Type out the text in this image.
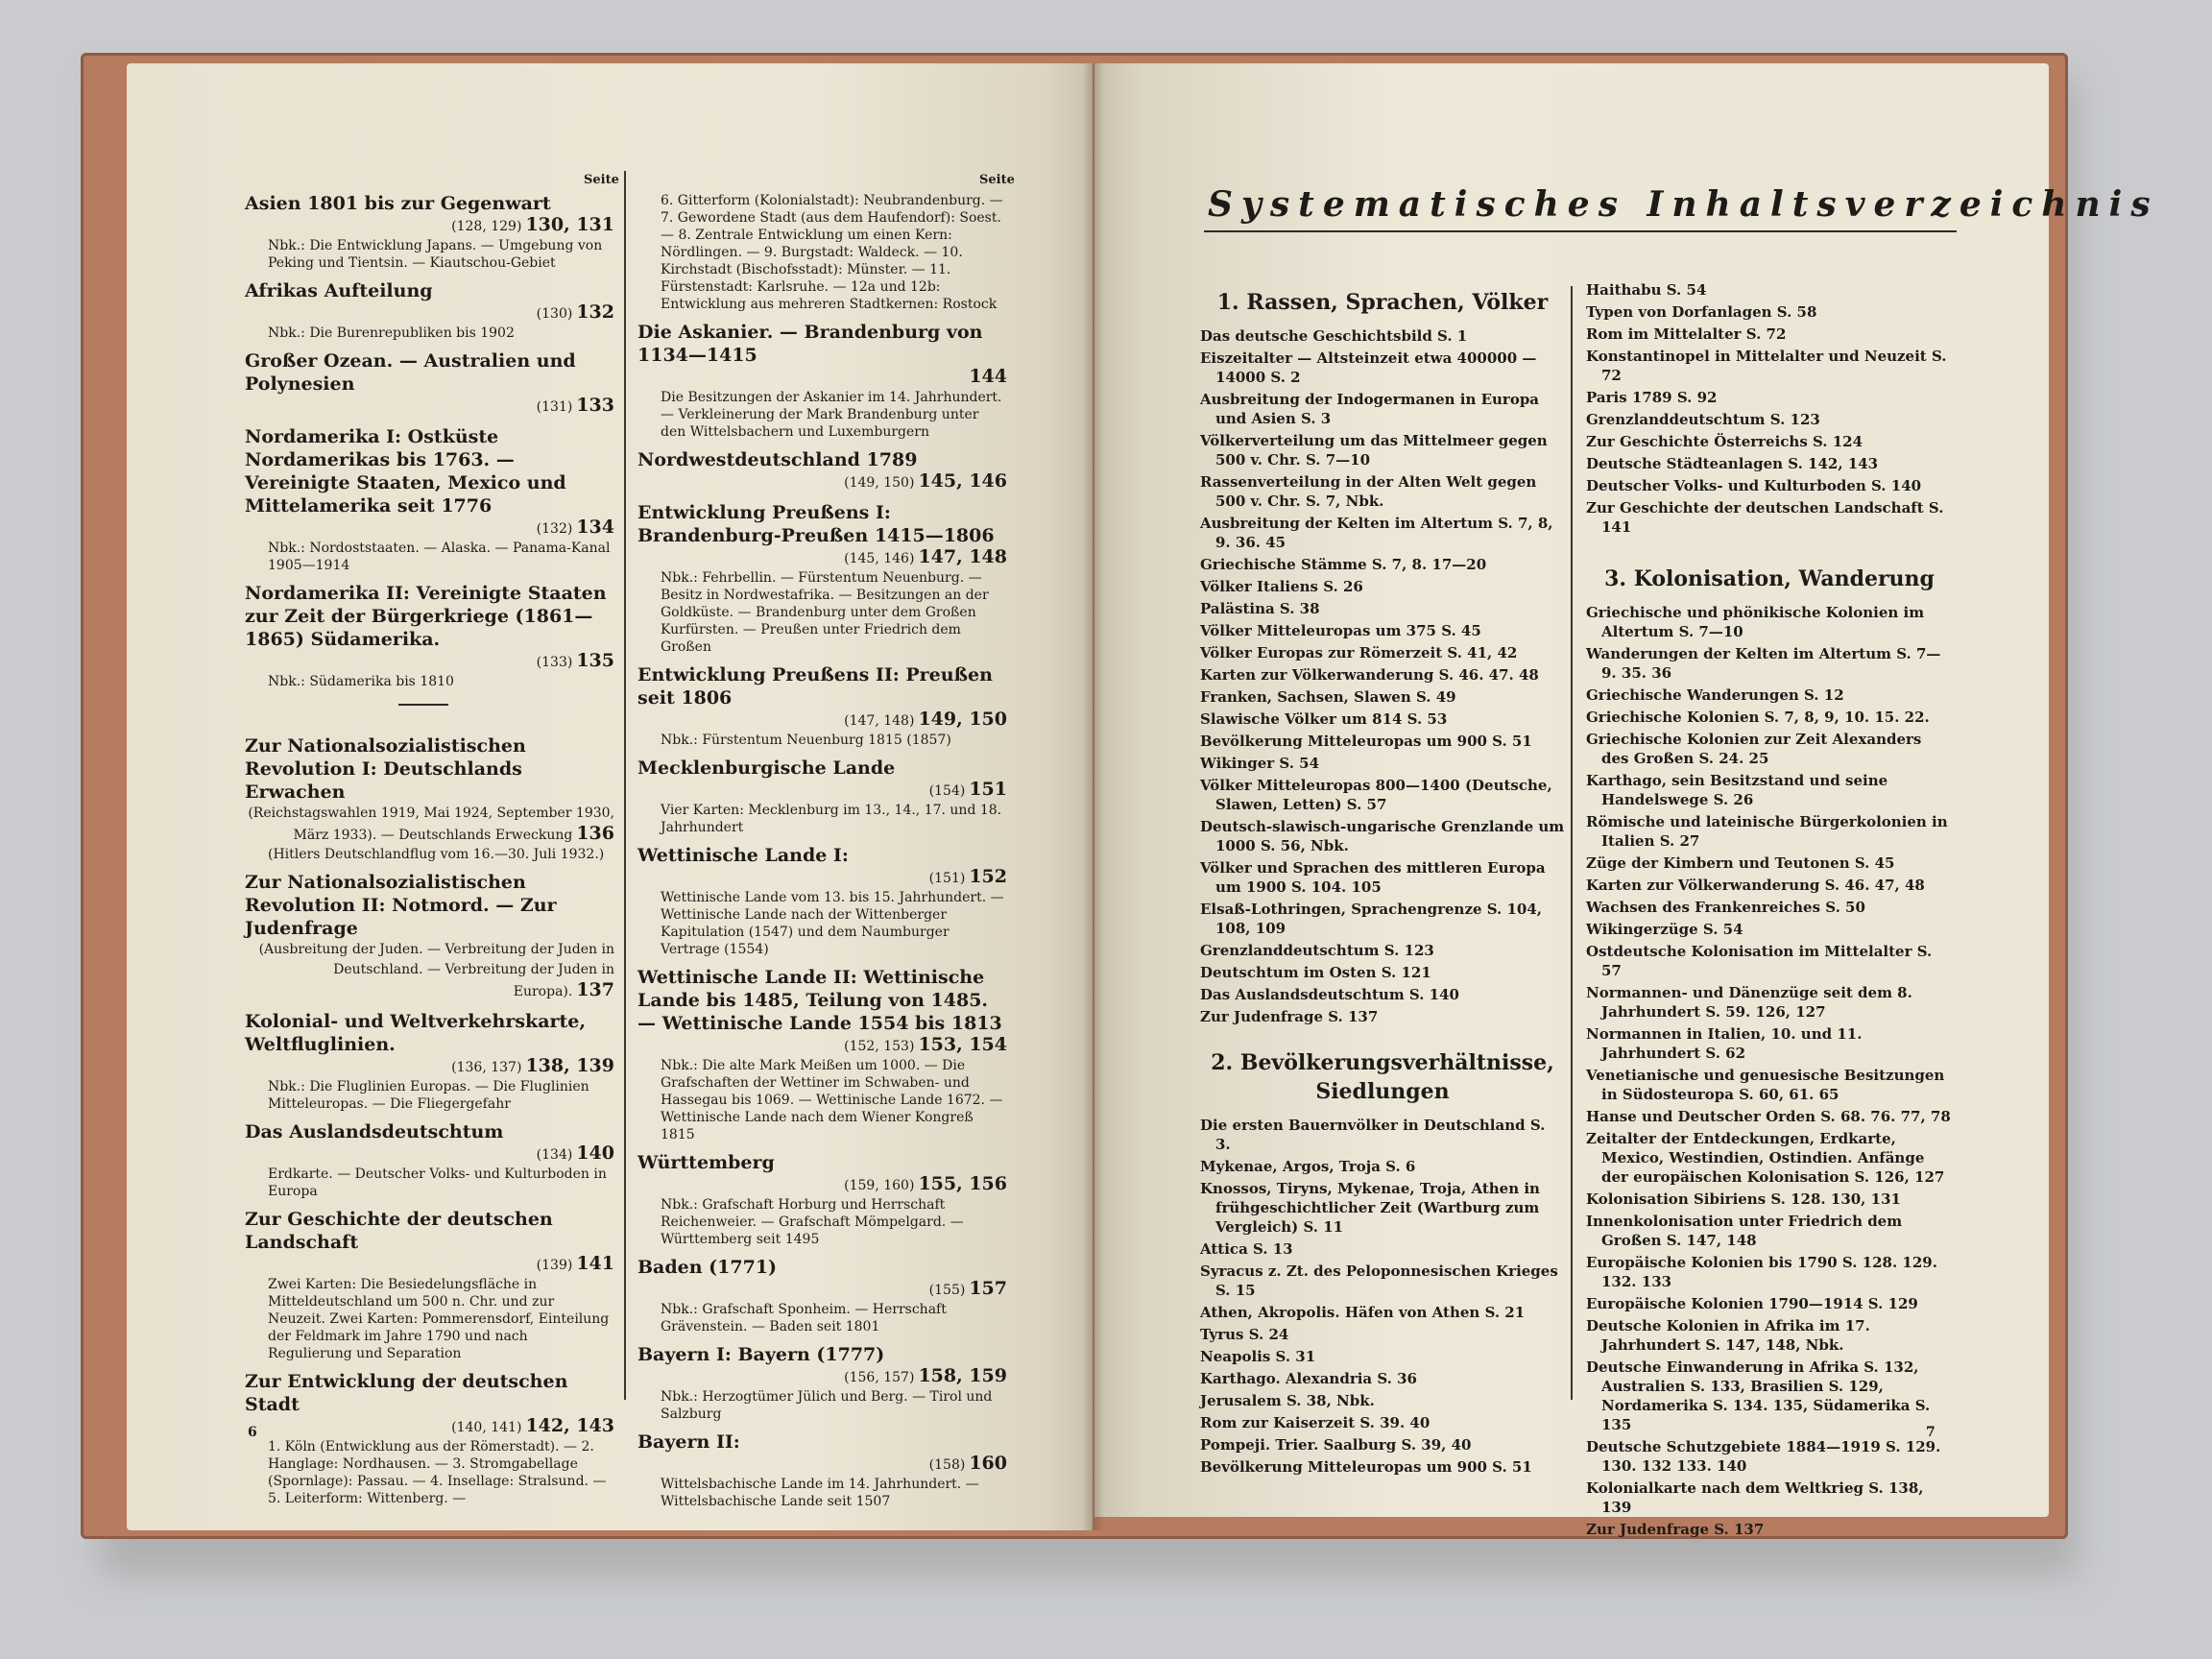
Seite	Seite
Asien 1801 bis zur Gegenwart
(128, 129) 130, 131
Nbk.: Die Entwicklung Japans. — Umgebung von Peking und Tientsin. — Kiautschou-Gebiet
Afrikas Aufteilung
(130) 132
Nbk.: Die Burenrepubliken bis 1902
Großer Ozean. — Australien und Polynesien
(131) 133
Nordamerika I: Ostküste Nordamerikas bis 1763. — Vereinigte Staaten, Mexico und Mittelamerika seit 1776
(132) 134
Nbk.: Nordoststaaten. — Alaska. — Panama-Kanal 1905—1914
Nordamerika II: Vereinigte Staaten zur Zeit der Bürgerkriege (1861—1865) Südamerika.
(133) 135
Nbk.: Südamerika bis 1810
Zur Nationalsozialistischen Revolution I: Deutschlands Erwachen
(Reichstagswahlen 1919, Mai 1924, September 1930, März 1933). — Deutschlands Erweckung 136
(Hitlers Deutschlandflug vom 16.—30. Juli 1932.)
Zur Nationalsozialistischen Revolution II: Notmord. — Zur Judenfrage
(Ausbreitung der Juden. — Verbreitung der Juden in Deutschland. — Verbreitung der Juden in Europa). 137
Kolonial- und Weltverkehrskarte, Weltfluglinien.
(136, 137) 138, 139
Nbk.: Die Fluglinien Europas. — Die Fluglinien Mitteleuropas. — Die Fliegergefahr
Das Auslandsdeutschtum
(134) 140
Erdkarte. — Deutscher Volks- und Kulturboden in Europa
Zur Geschichte der deutschen Landschaft
(139) 141
Zwei Karten: Die Besiedelungsfläche in Mitteldeutschland um 500 n. Chr. und zur Neuzeit. Zwei Karten: Pommerensdorf, Einteilung der Feldmark im Jahre 1790 und nach Regulierung und Separation
Zur Entwicklung der deutschen Stadt
(140, 141) 142, 143
1. Köln (Entwicklung aus der Römerstadt). — 2. Hanglage: Nordhausen. — 3. Stromgabellage (Spornlage): Passau. — 4. Insellage: Stralsund. — 5. Leiterform: Wittenberg. —
6. Gitterform (Kolonialstadt): Neubrandenburg. — 7. Gewordene Stadt (aus dem Haufendorf): Soest. — 8. Zentrale Entwicklung um einen Kern: Nördlingen. — 9. Burgstadt: Waldeck. — 10. Kirchstadt (Bischofsstadt): Münster. — 11. Fürstenstadt: Karlsruhe. — 12a und 12b: Entwicklung aus mehreren Stadtkernen: Rostock
Die Askanier. — Brandenburg von 1134—1415
144
Die Besitzungen der Askanier im 14. Jahrhundert. — Verkleinerung der Mark Brandenburg unter den Wittelsbachern und Luxemburgern
Nordwestdeutschland 1789
(149, 150) 145, 146
Entwicklung Preußens I: Brandenburg-Preußen 1415—1806
(145, 146) 147, 148
Nbk.: Fehrbellin. — Fürstentum Neuenburg. — Besitz in Nordwestafrika. — Besitzungen an der Goldküste. — Brandenburg unter dem Großen Kurfürsten. — Preußen unter Friedrich dem Großen
Entwicklung Preußens II: Preußen seit 1806
(147, 148) 149, 150
Nbk.: Fürstentum Neuenburg 1815 (1857)
Mecklenburgische Lande
(154) 151
Vier Karten: Mecklenburg im 13., 14., 17. und 18. Jahrhundert
Wettinische Lande I:
(151) 152
Wettinische Lande vom 13. bis 15. Jahrhundert. — Wettinische Lande nach der Wittenberger Kapitulation (1547) und dem Naumburger Vertrage (1554)
Wettinische Lande II: Wettinische Lande bis 1485, Teilung von 1485. — Wettinische Lande 1554 bis 1813
(152, 153) 153, 154
Nbk.: Die alte Mark Meißen um 1000. — Die Grafschaften der Wettiner im Schwaben- und Hassegau bis 1069. — Wettinische Lande 1672. — Wettinische Lande nach dem Wiener Kongreß 1815
Württemberg
(159, 160) 155, 156
Nbk.: Grafschaft Horburg und Herrschaft Reichenweier. — Grafschaft Mömpelgard. — Württemberg seit 1495
Baden (1771)
(155) 157
Nbk.: Grafschaft Sponheim. — Herrschaft Grävenstein. — Baden seit 1801
Bayern I: Bayern (1777)
(156, 157) 158, 159
Nbk.: Herzogtümer Jülich und Berg. — Tirol und Salzburg
Bayern II:
(158) 160
Wittelsbachische Lande im 14. Jahrhundert. — Wittelsbachische Lande seit 1507
6
Systematisches Inhaltsverzeichnis
1. Rassen, Sprachen, Völker
Das deutsche Geschichtsbild S. 1
Eiszeitalter — Altsteinzeit etwa 400000 — 14000 S. 2
Ausbreitung der Indogermanen in Europa und Asien S. 3
Völkerverteilung um das Mittelmeer gegen 500 v. Chr. S. 7—10
Rassenverteilung in der Alten Welt gegen 500 v. Chr. S. 7, Nbk.
Ausbreitung der Kelten im Altertum S. 7, 8, 9. 36. 45
Griechische Stämme S. 7, 8. 17—20
Völker Italiens S. 26
Palästina S. 38
Völker Mitteleuropas um 375 S. 45
Völker Europas zur Römerzeit S. 41, 42
Karten zur Völkerwanderung S. 46. 47. 48
Franken, Sachsen, Slawen S. 49
Slawische Völker um 814 S. 53
Bevölkerung Mitteleuropas um 900 S. 51
Wikinger S. 54
Völker Mitteleuropas 800—1400 (Deutsche, Slawen, Letten) S. 57
Deutsch-slawisch-ungarische Grenzlande um 1000 S. 56, Nbk.
Völker und Sprachen des mittleren Europa um 1900 S. 104. 105
Elsaß-Lothringen, Sprachengrenze S. 104, 108, 109
Grenzlanddeutschtum S. 123
Deutschtum im Osten S. 121
Das Auslandsdeutschtum S. 140
Zur Judenfrage S. 137
2. Bevölkerungsverhältnisse, Siedlungen
Die ersten Bauernvölker in Deutschland S. 3.
Mykenae, Argos, Troja S. 6
Knossos, Tiryns, Mykenae, Troja, Athen in frühgeschichtlicher Zeit (Wartburg zum Vergleich) S. 11
Attica S. 13
Syracus z. Zt. des Peloponnesischen Krieges S. 15
Athen, Akropolis. Häfen von Athen S. 21
Tyrus S. 24
Neapolis S. 31
Karthago. Alexandria S. 36
Jerusalem S. 38, Nbk.
Rom zur Kaiserzeit S. 39. 40
Pompeji. Trier. Saalburg S. 39, 40
Bevölkerung Mitteleuropas um 900 S. 51
Haithabu S. 54
Typen von Dorfanlagen S. 58
Rom im Mittelalter S. 72
Konstantinopel in Mittelalter und Neuzeit S. 72
Paris 1789 S. 92
Grenzlanddeutschtum S. 123
Zur Geschichte Österreichs S. 124
Deutsche Städteanlagen S. 142, 143
Deutscher Volks- und Kulturboden S. 140
Zur Geschichte der deutschen Landschaft S. 141
3. Kolonisation, Wanderung
Griechische und phönikische Kolonien im Altertum S. 7—10
Wanderungen der Kelten im Altertum S. 7—9. 35. 36
Griechische Wanderungen S. 12
Griechische Kolonien S. 7, 8, 9, 10. 15. 22.
Griechische Kolonien zur Zeit Alexanders des Großen S. 24. 25
Karthago, sein Besitzstand und seine Handelswege S. 26
Römische und lateinische Bürgerkolonien in Italien S. 27
Züge der Kimbern und Teutonen S. 45
Karten zur Völkerwanderung S. 46. 47, 48
Wachsen des Frankenreiches S. 50
Wikingerzüge S. 54
Ostdeutsche Kolonisation im Mittelalter S. 57
Normannen- und Dänenzüge seit dem 8. Jahrhundert S. 59. 126, 127
Normannen in Italien, 10. und 11. Jahrhundert S. 62
Venetianische und genuesische Besitzungen in Südosteuropa S. 60, 61. 65
Hanse und Deutscher Orden S. 68. 76. 77, 78
Zeitalter der Entdeckungen, Erdkarte, Mexico, Westindien, Ostindien. Anfänge der europäischen Kolonisation S. 126, 127
Kolonisation Sibiriens S. 128. 130, 131
Innenkolonisation unter Friedrich dem Großen S. 147, 148
Europäische Kolonien bis 1790 S. 128. 129. 132. 133
Europäische Kolonien 1790—1914 S. 129
Deutsche Kolonien in Afrika im 17. Jahrhundert S. 147, 148, Nbk.
Deutsche Einwanderung in Afrika S. 132, Australien S. 133, Brasilien S. 129, Nordamerika S. 134. 135, Südamerika S. 135
Deutsche Schutzgebiete 1884—1919 S. 129. 130. 132 133. 140
Kolonialkarte nach dem Weltkrieg S. 138, 139
Zur Judenfrage S. 137
7
